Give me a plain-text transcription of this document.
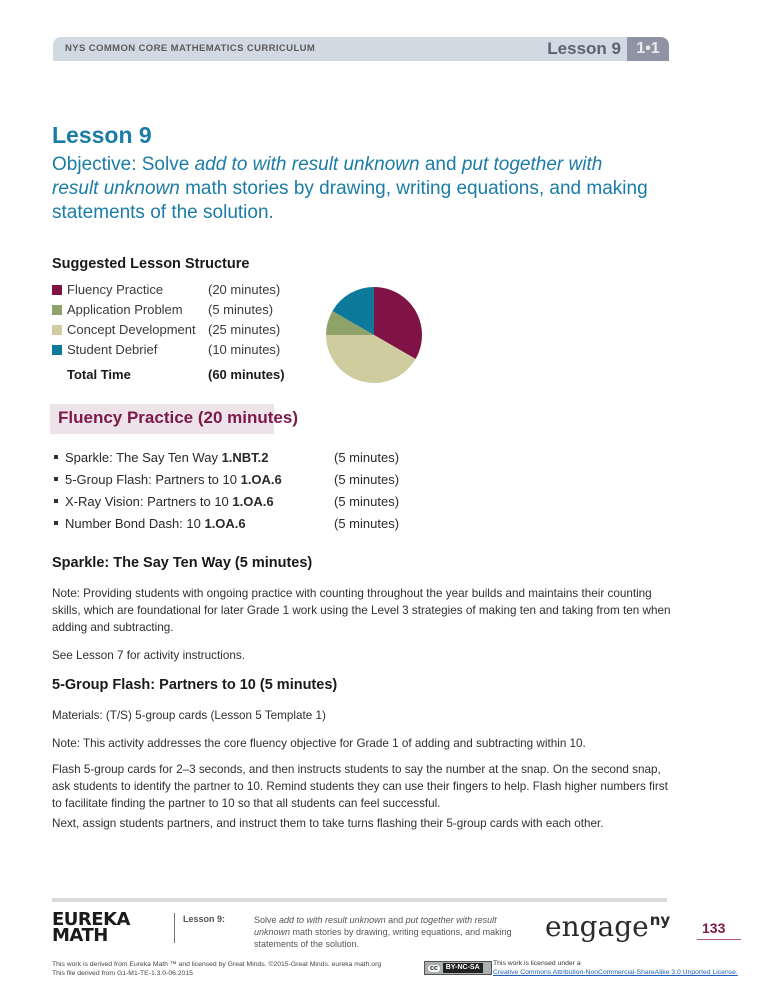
NYS COMMON CORE MATHEMATICS CURRICULUM	Lesson 9 1•1
Lesson 9
Objective: Solve add to with result unknown and put together with result unknown math stories by drawing, writing equations, and making statements of the solution.
Suggested Lesson Structure
Fluency Practice	(20 minutes)
Application Problem (5 minutes)
Concept Development (25 minutes)
Student Debrief	(10 minutes)
Total Time	(60 minutes)
Fluency Practice (20 minutes)
Sparkle: The Say Ten Way 1.NBT.2	(5 minutes)
5-Group Flash: Partners to 10 1.OA.6	(5 minutes)
X-Ray Vision: Partners to 10 1.OA.6	(5 minutes)
Number Bond Dash: 10 1.OA.6	(5 minutes)
Sparkle: The Say Ten Way (5 minutes)
Note: Providing students with ongoing practice with counting throughout the year builds and maintains their counting skills, which are foundational for later Grade 1 work using the Level 3 strategies of making ten and taking from ten when adding and subtracting.
See Lesson 7 for activity instructions.
5-Group Flash: Partners to 10 (5 minutes)
Materials: (T/S) 5-group cards (Lesson 5 Template 1)
Note: This activity addresses the core fluency objective for Grade 1 of adding and subtracting within 10.
Flash 5-group cards for 2–3 seconds, and then instructs students to say the number at the snap. On the second snap, ask students to identify the partner to 10. Remind students they can use their fingers to help. Flash higher numbers first to facilitate finding the partner to 10 so that all students can feel successful.
Next, assign students partners, and instruct them to take turns flashing their 5-group cards with each other.
EUREKA
MATH
Lesson 9:	Solve add to with result unknown and put together with result unknown math stories by drawing, writing equations, and making statements of the solution.
engage$^{ny}$ 133
This work is derived from Eureka Math ™ and licensed by Great Minds. ©2015-Great Minds. eureka math.org
This file derived from G1-M1-TE-1.3.0-06.2015
cc	BY-NC-SA
This work is licensed under a
Creative Commons Attribution-NonCommercial-ShareAlike 3.0 Unported License.
